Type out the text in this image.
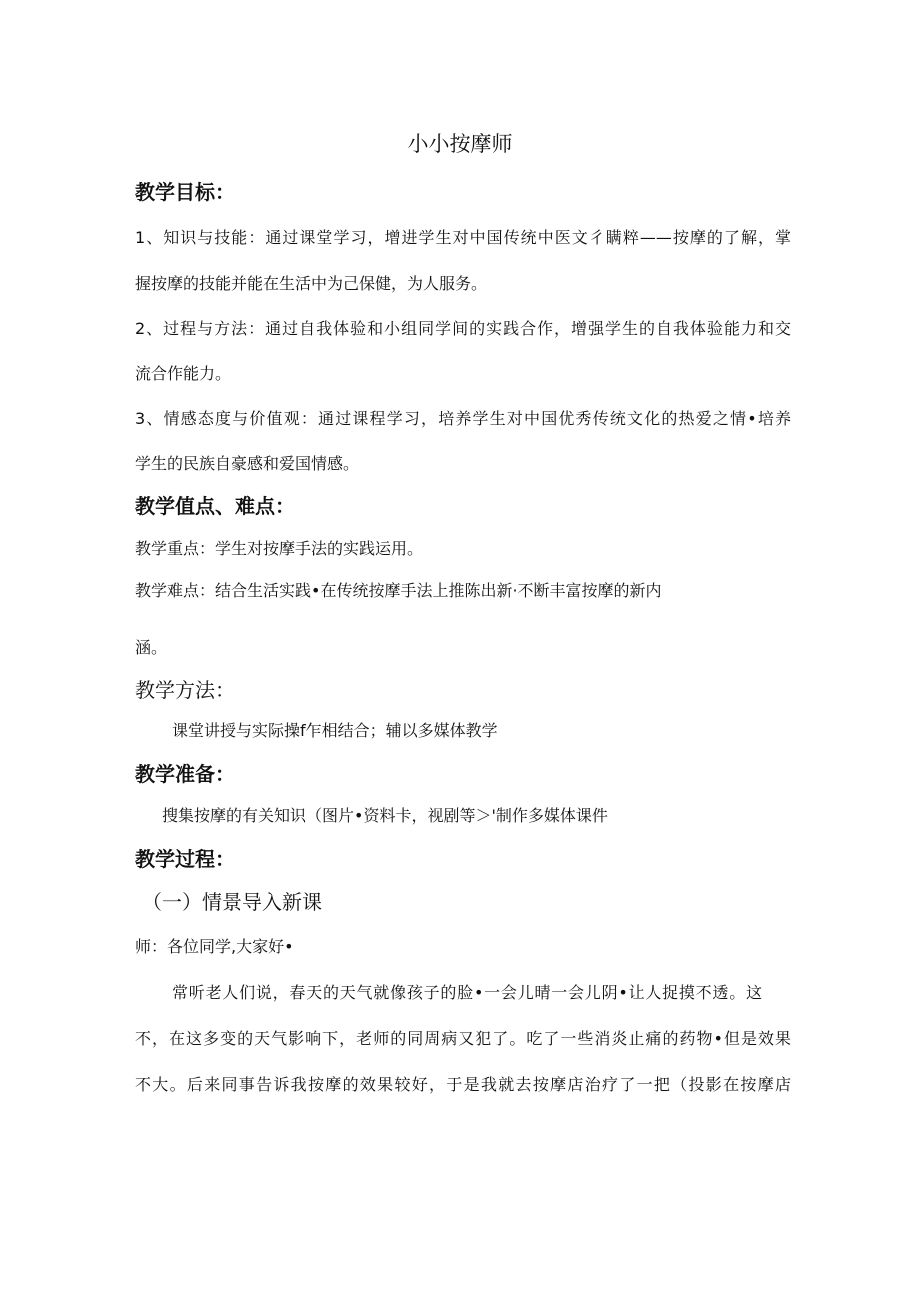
小小按摩师
教学目标：
1、知识与技能：通过课堂学习，增进学生对中国传统中医文彳瞒粹——按摩的了解，掌
握按摩的技能并能在生活中为己保健，为人服务。
2、过程与方法：通过自我体验和小组同学间的实践合作，增强学生的自我体验能力和交
流合作能力。
3、情感态度与价值观：通过课程学习，培养学生对中国优秀传统文化的热爱之情•培养
学生的民族自豪感和爱国情感。
教学值点、难点：
教学重点：学生对按摩手法的实践运用。
教学难点：结合生活实践•在传统按摩手法上推陈出新·不断丰富按摩的新内
涵。
教学方法：
课堂讲授与实际操f乍相结合；辅以多媒体教学
教学准备：
搜集按摩的有关知识（图片•资料卡，视剧等＞'制作多媒体课件
教学过程：
（一）情景导入新课
师：各位同学,大家好•
常听老人们说，春天的天气就像孩子的脸•一会儿晴一会儿阴•让人捉摸不透。这
不，在这多变的天气影响下，老师的同周病又犯了。吃了一些消炎止痛的药物•但是效果
不大。后来同事告诉我按摩的效果较好，于是我就去按摩店治疗了一把（投影在按摩店
